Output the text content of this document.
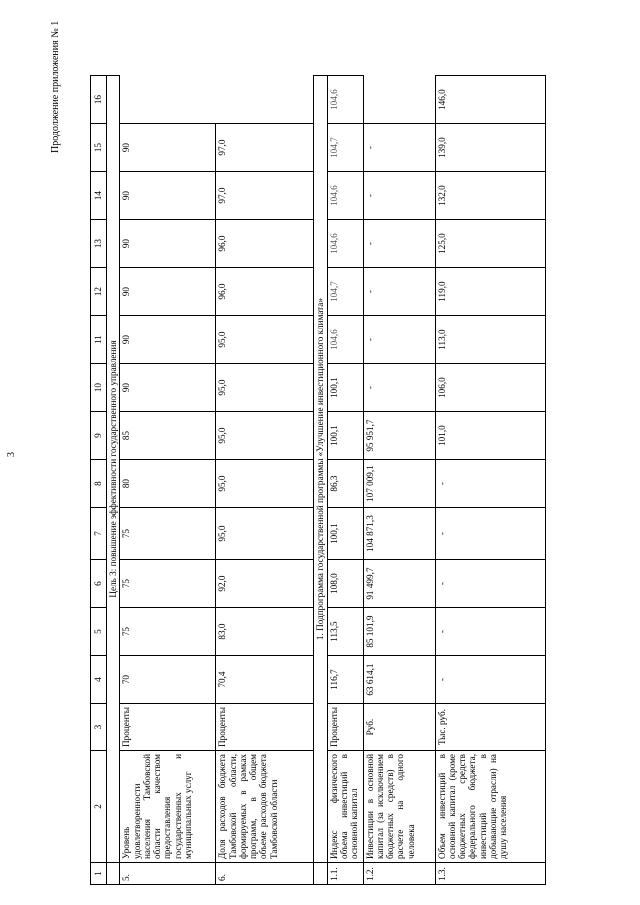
3
Продолжение приложения № 1
1	2	3	4	5	6	7	8	9	10	11	12	13	14	15	16
	Цель 3: повышение эффективности государственного управления														
5.	Уровень удовлетворенности населения Тамбовской области качеством предоставления государственных и муниципальных услуг	Проценты	70	75	75	75	80	85	90	90	90	90	90	90	
6.	Доля расходов бюджета Тамбовской области, формируемых в рамках программ, в общем объеме расходов бюджета Тамбовской области	Проценты	70,4	83,0	92,0	95,0	95,0	95,0	95,0	95,0	96,0	96,0	97,0	97,0	
	1. Подпрограмма государственной программы «Улучшение инвестиционного климата»														
1.1.	Индекс физического объема инвестиций в основной капитал	Проценты	116,7	113,5	108,0	100,1	86,3	100,1	100,1	104,6	104,7	104,6	104,6	104,7	104,6
1.2.	Инвестиции в основной капитал (за исключением бюджетных средств) в расчете на одного человека	Руб.	63 614,1	85 101,9	91 499,7	104 871,3	107 009,1	95 951,7	-	-	-	-	-	-	
1.3.	Объем инвестиций в основной капитал (кроме бюджетных средств федерального бюджета, инвестиций в добывающие отрасли) на душу населения	Тыс. руб.	-	-	-	-	-	101,0	106,0	113,0	119,0	125,0	132,0	139,0	146,0
